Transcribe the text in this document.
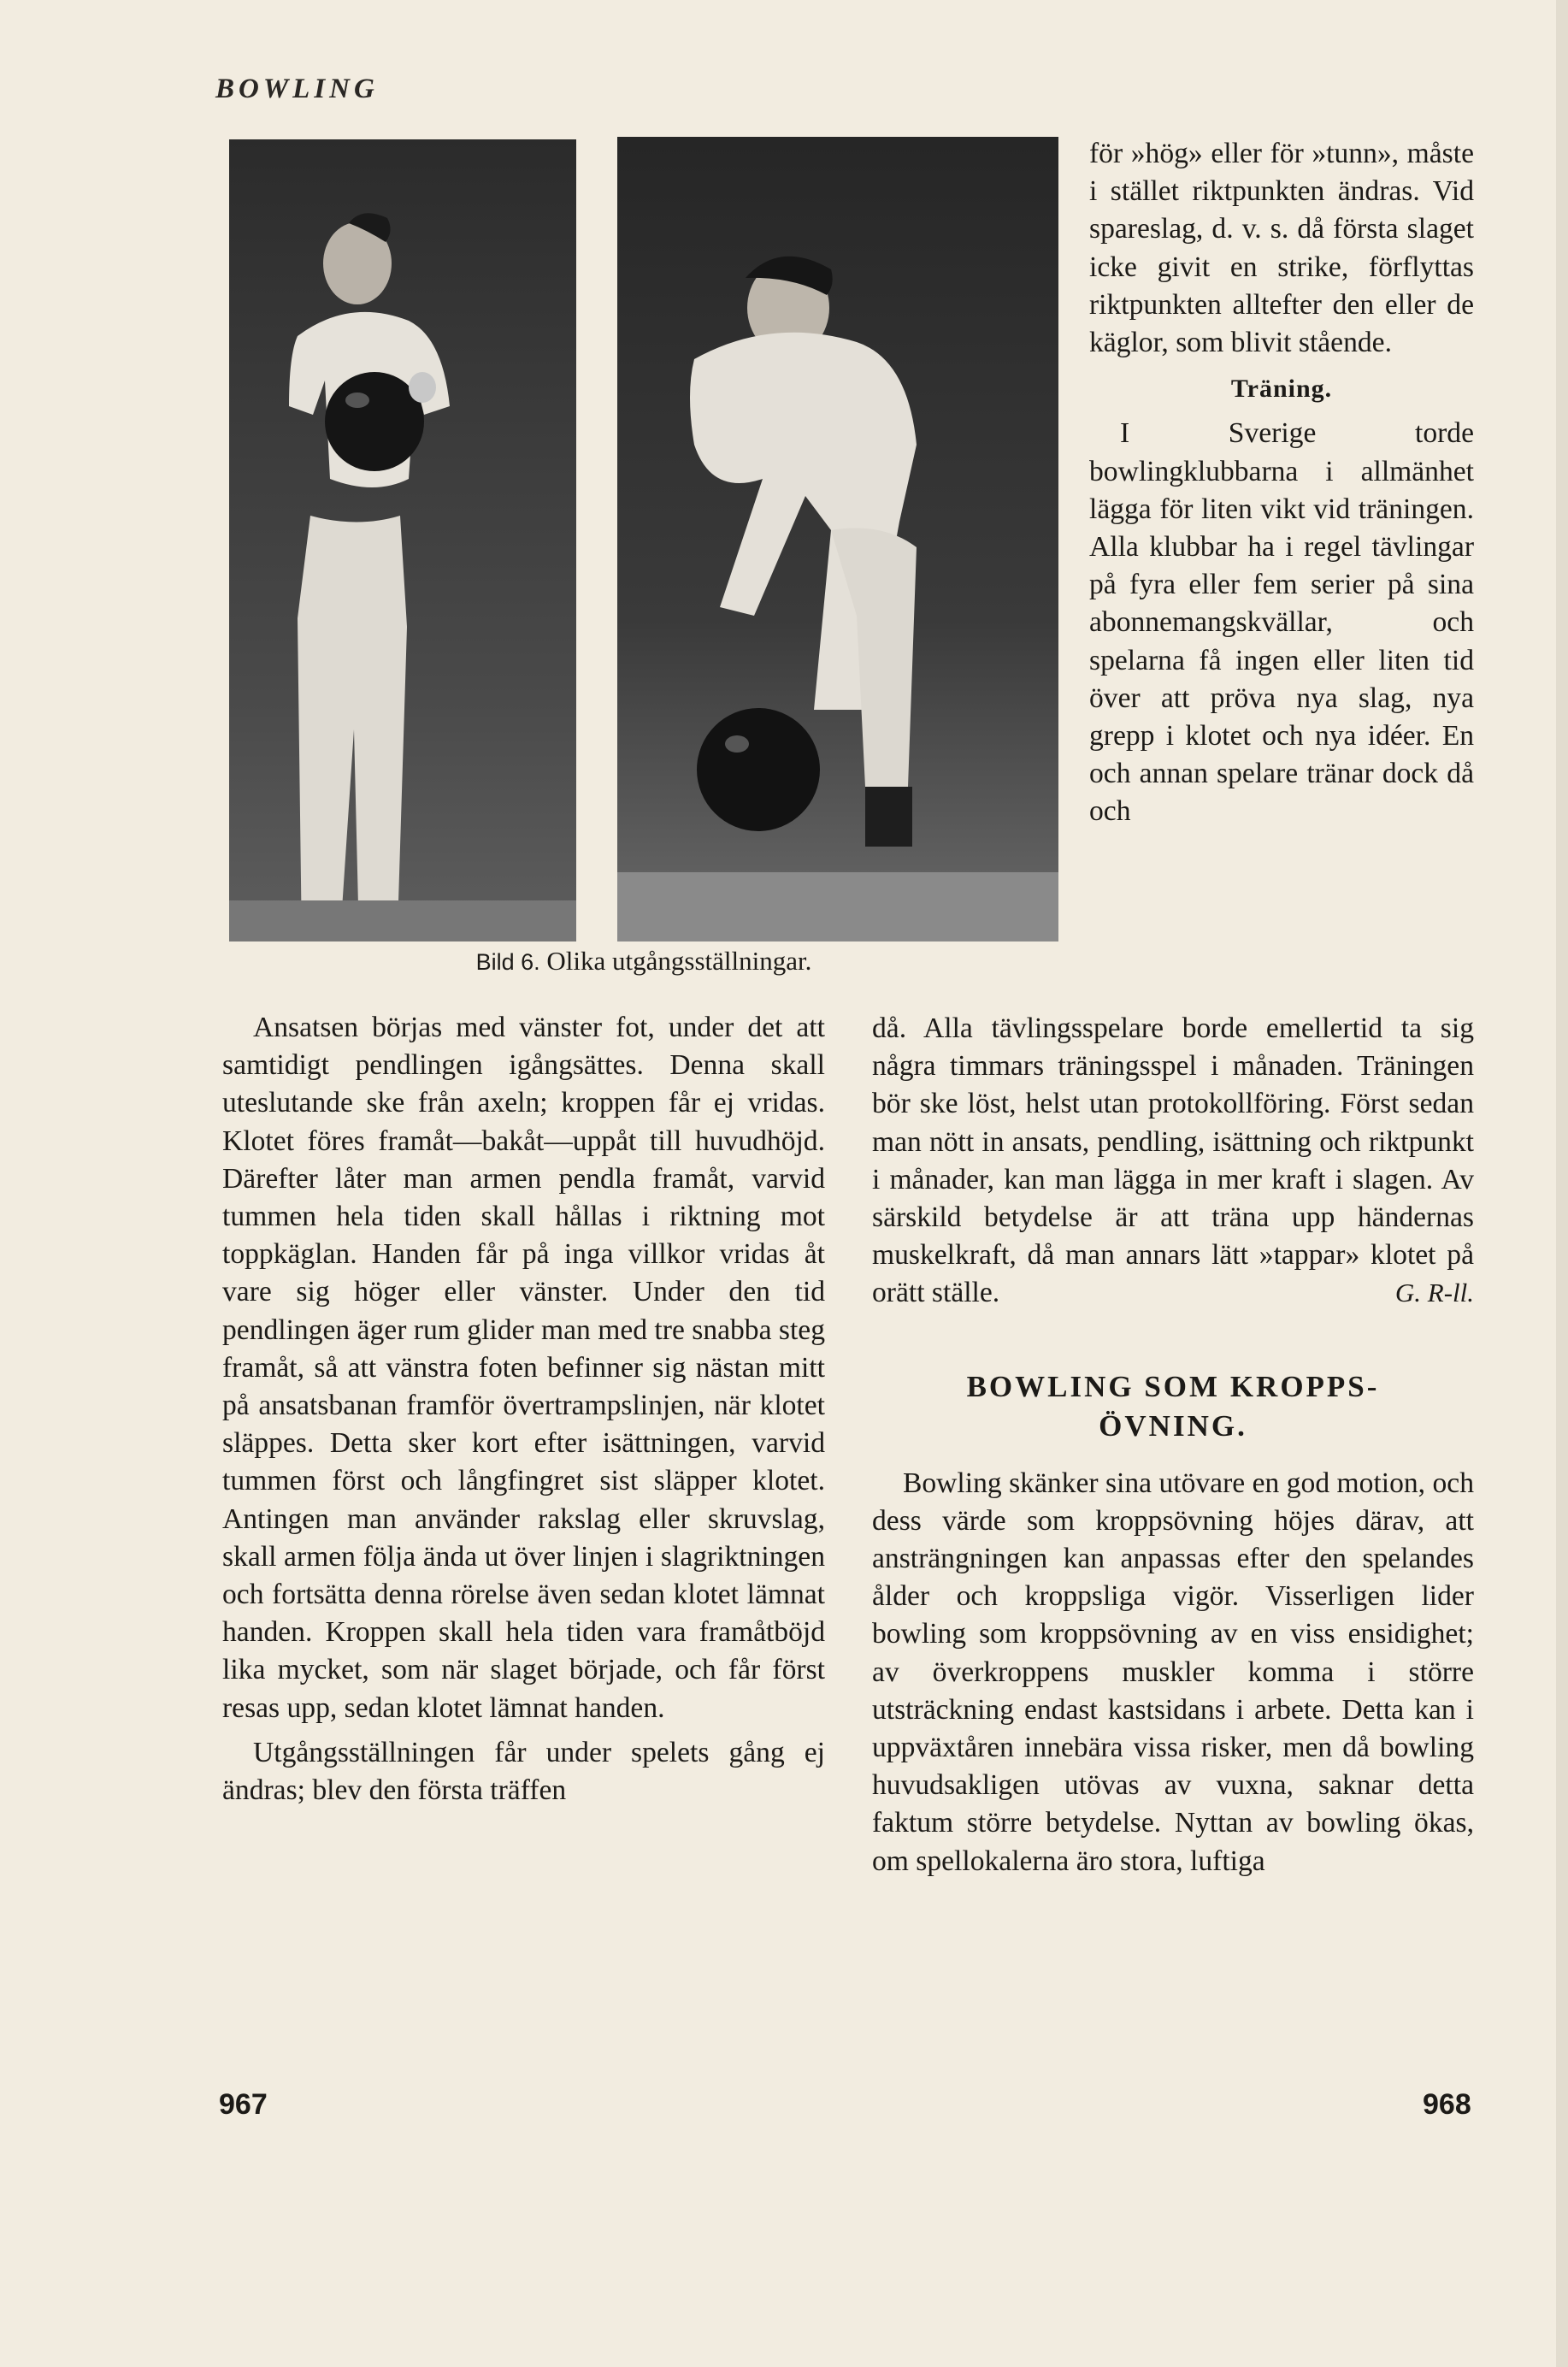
BOWLING
Bild 6. Olika utgångsställningar.

för »hög» eller för »tunn», måste i stället riktpunkten ändras. Vid spareslag, d. v. s. då första slaget icke givit en strike, förflyttas riktpunkten alltefter den eller de käglor, som blivit stående.

Träning.

I Sverige torde bowlingklubbarna i allmänhet lägga för liten vikt vid träningen. Alla klubbar ha i regel tävlingar på fyra eller fem serier på sina abonnemangskvällar, och spelarna få ingen eller liten tid över att pröva nya slag, nya grepp i klotet och nya idéer. En och annan spelare tränar dock då och

Ansatsen börjas med vänster fot, under det att samtidigt pendlingen igångsättes. Denna skall uteslutande ske från axeln; kroppen får ej vridas. Klotet föres framåt—bakåt—uppåt till huvudhöjd. Därefter låter man armen pendla framåt, varvid tummen hela tiden skall hållas i riktning mot toppkäglan. Handen får på inga villkor vridas åt vare sig höger eller vänster. Under den tid pendlingen äger rum glider man med tre snabba steg framåt, så att vänstra foten befinner sig nästan mitt på ansatsbanan framför övertrampslinjen, när klotet släppes. Detta sker kort efter isättningen, varvid tummen först och långfingret sist släpper klotet. Antingen man använder rakslag eller skruvslag, skall armen följa ända ut över linjen i slagriktningen och fortsätta denna rörelse även sedan klotet lämnat handen. Kroppen skall hela tiden vara framåtböjd lika mycket, som när slaget började, och får först resas upp, sedan klotet lämnat handen.

Utgångsställningen får under spelets gång ej ändras; blev den första träffen

då. Alla tävlingsspelare borde emellertid ta sig några timmars träningsspel i månaden. Träningen bör ske löst, helst utan protokollföring. Först sedan man nött in ansats, pendling, isättning och riktpunkt i månader, kan man lägga in mer kraft i slagen. Av särskild betydelse är att träna upp händernas muskelkraft, då man annars lätt »tappar» klotet på orätt ställe.	G. R-ll.

BOWLING SOM KROPPS-
ÖVNING.

Bowling skänker sina utövare en god motion, och dess värde som kroppsövning höjes därav, att ansträngningen kan anpassas efter den spelandes ålder och kroppsliga vigör. Visserligen lider bowling som kroppsövning av en viss ensidighet; av överkroppens muskler komma i större utsträckning endast kastsidans i arbete. Detta kan i uppväxtåren innebära vissa risker, men då bowling huvudsakligen utövas av vuxna, saknar detta faktum större betydelse. Nyttan av bowling ökas, om spellokalerna äro stora, luftiga

967	968
